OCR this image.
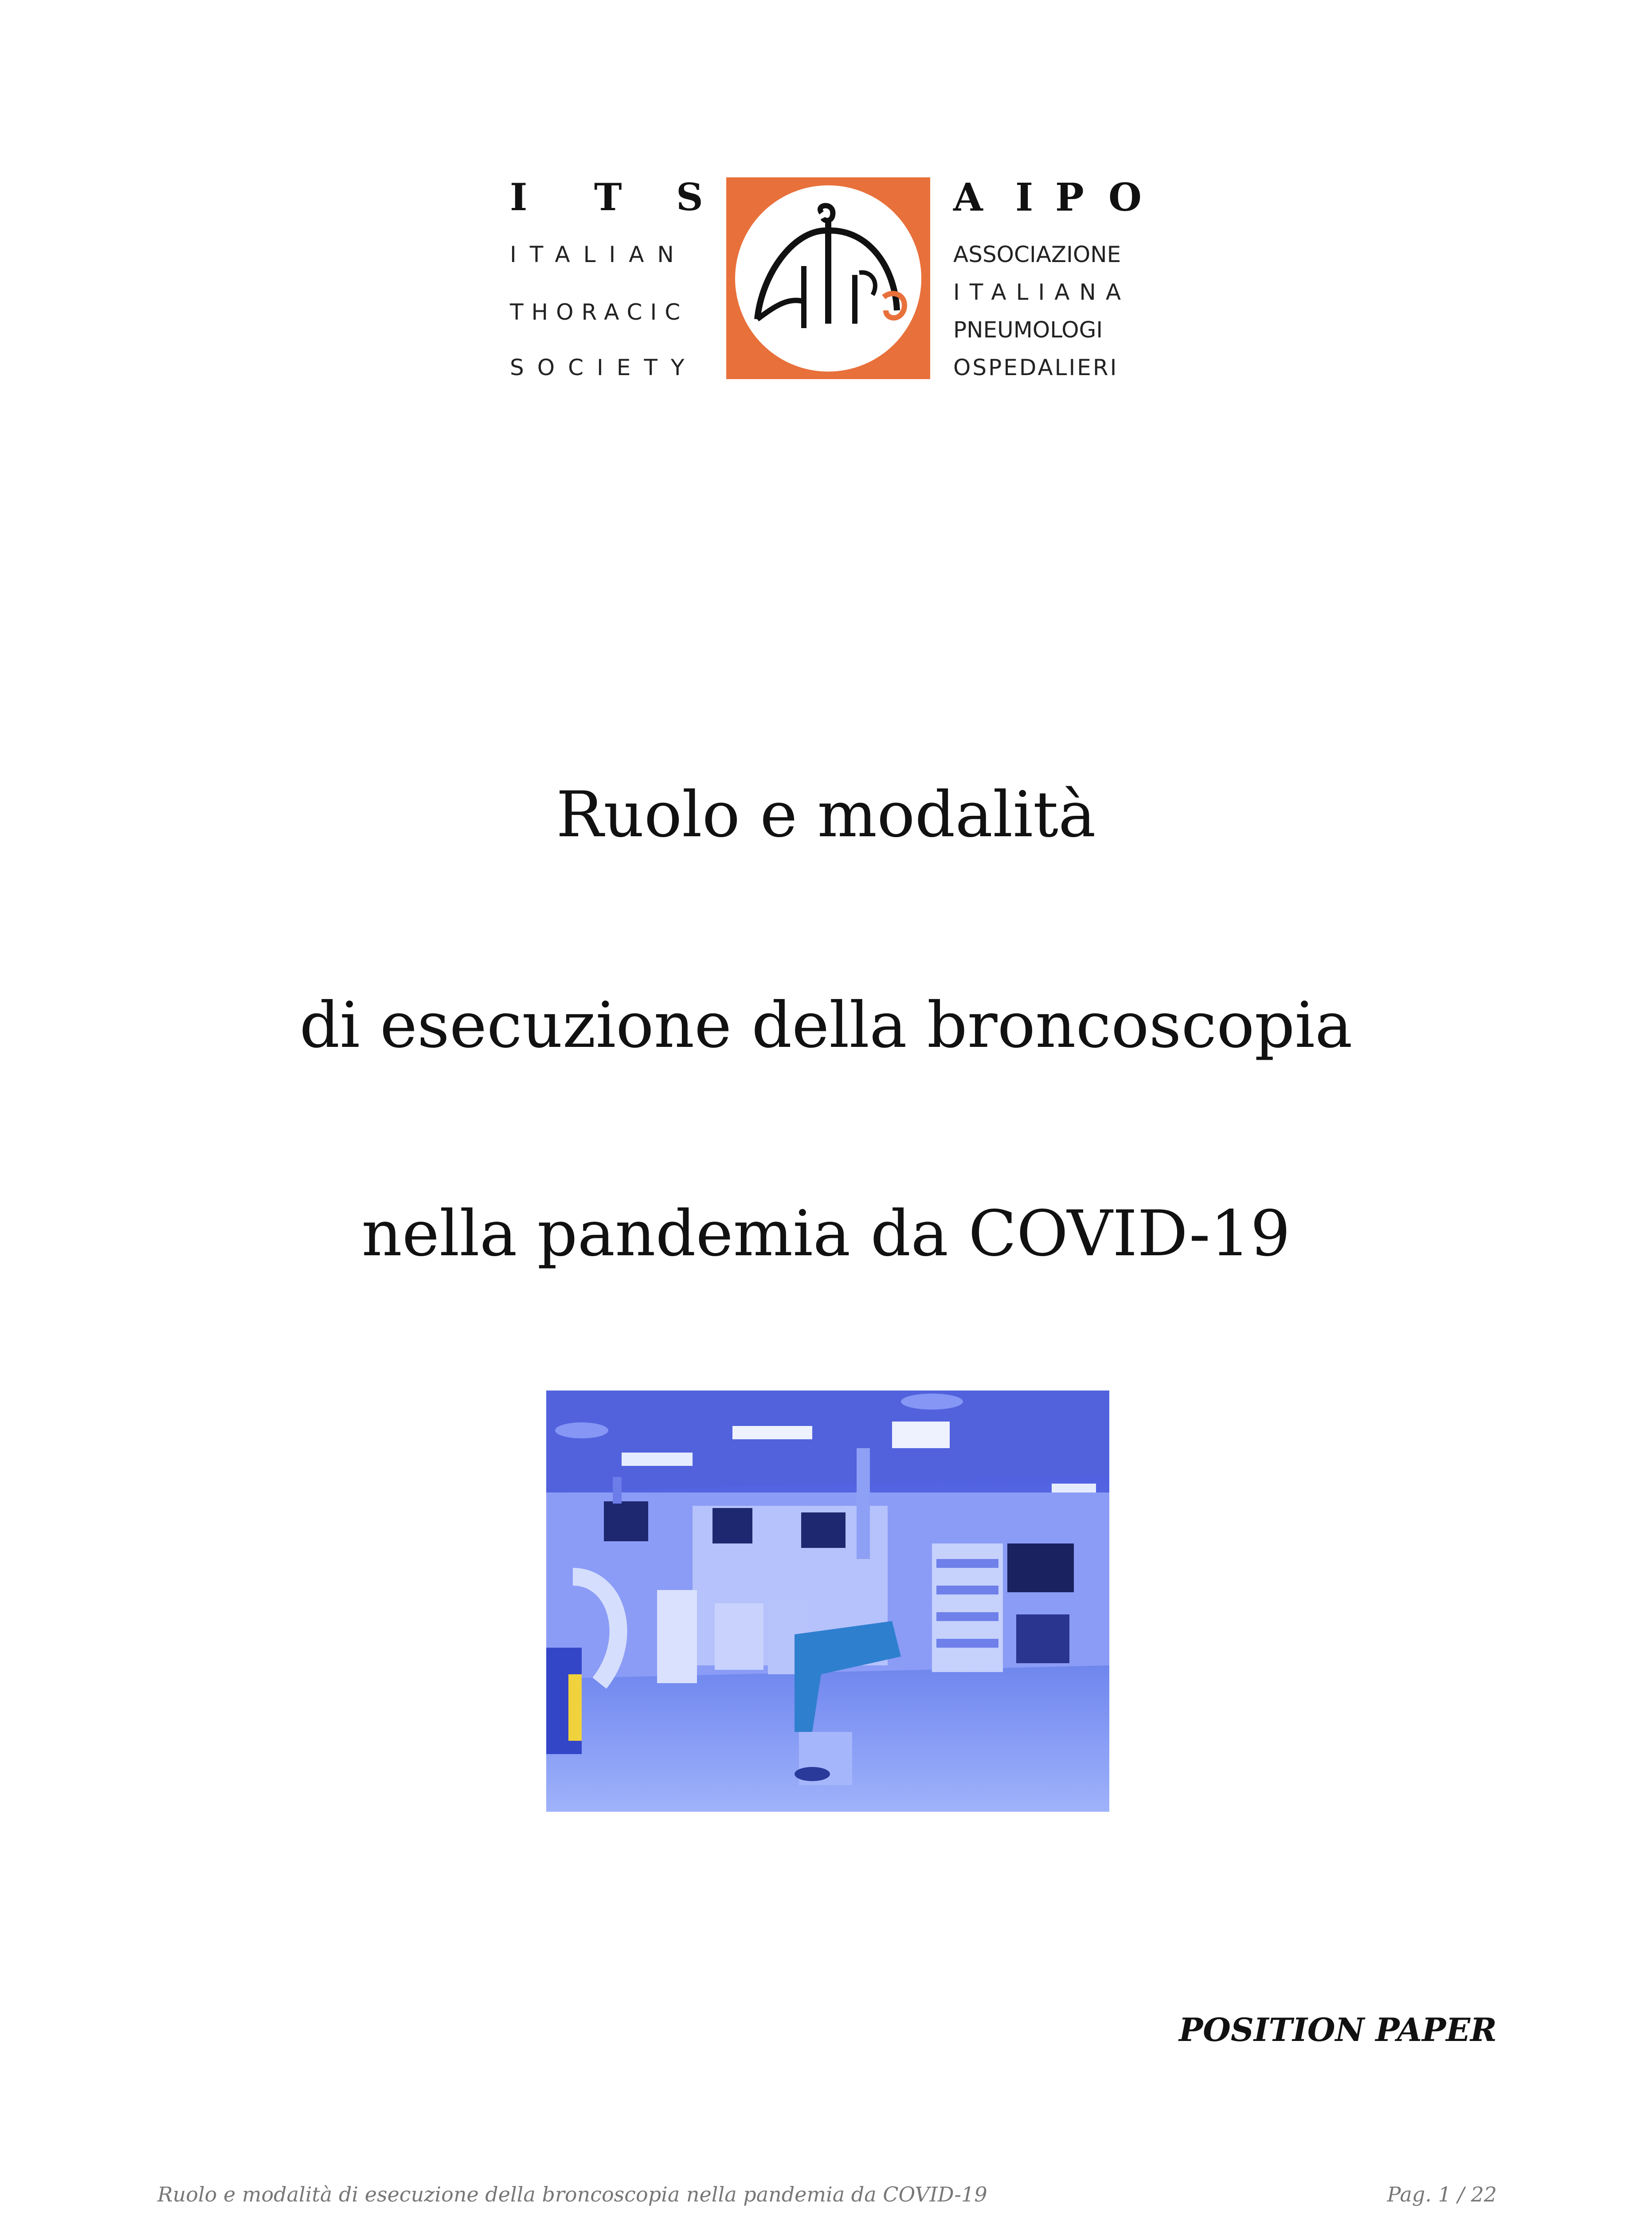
I T S
ITALIAN
THORACIC
SOCIETY
A I P O
ASSOCIAZIONE
ITALIANA
PNEUMOLOGI
OSPEDALIERI
Ruolo e modalità
di esecuzione della broncoscopia
nella pandemia da COVID-19
POSITION PAPER
Ruolo e modalità di esecuzione della broncoscopia nella pandemia da COVID-19	Pag. 1 / 22
